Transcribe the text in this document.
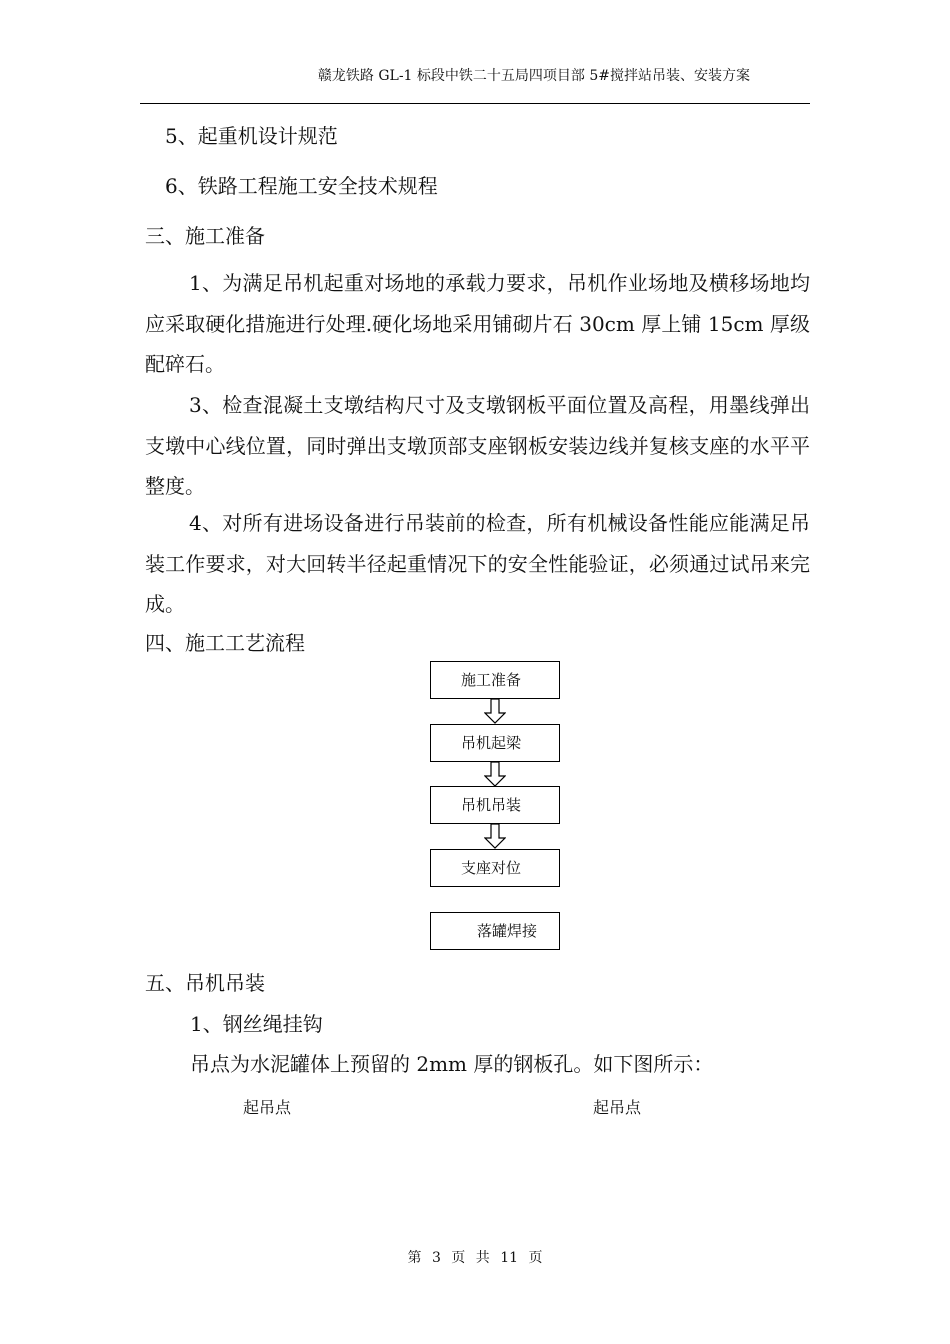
赣龙铁路 GL-1 标段中铁二十五局四项目部 5#搅拌站吊装、安装方案
5、起重机设计规范
6、铁路工程施工安全技术规程
三、施工准备
1、为满足吊机起重对场地的承载力要求，吊机作业场地及横移场地均应采取硬化措施进行处理.硬化场地采用铺砌片石 30cm 厚上铺 15cm 厚级配碎石。
3、检查混凝土支墩结构尺寸及支墩钢板平面位置及高程，用墨线弹出支墩中心线位置，同时弹出支墩顶部支座钢板安装边线并复核支座的水平平整度。
4、对所有进场设备进行吊装前的检查，所有机械设备性能应能满足吊装工作要求，对大回转半径起重情况下的安全性能验证，必须通过试吊来完成。
四、施工工艺流程
施工准备
吊机起梁
吊机吊装
支座对位
落罐焊接
五、吊机吊装
1、钢丝绳挂钩
吊点为水泥罐体上预留的 2mm 厚的钢板孔。如下图所示：
起吊点	起吊点
第 3 页 共 11 页
